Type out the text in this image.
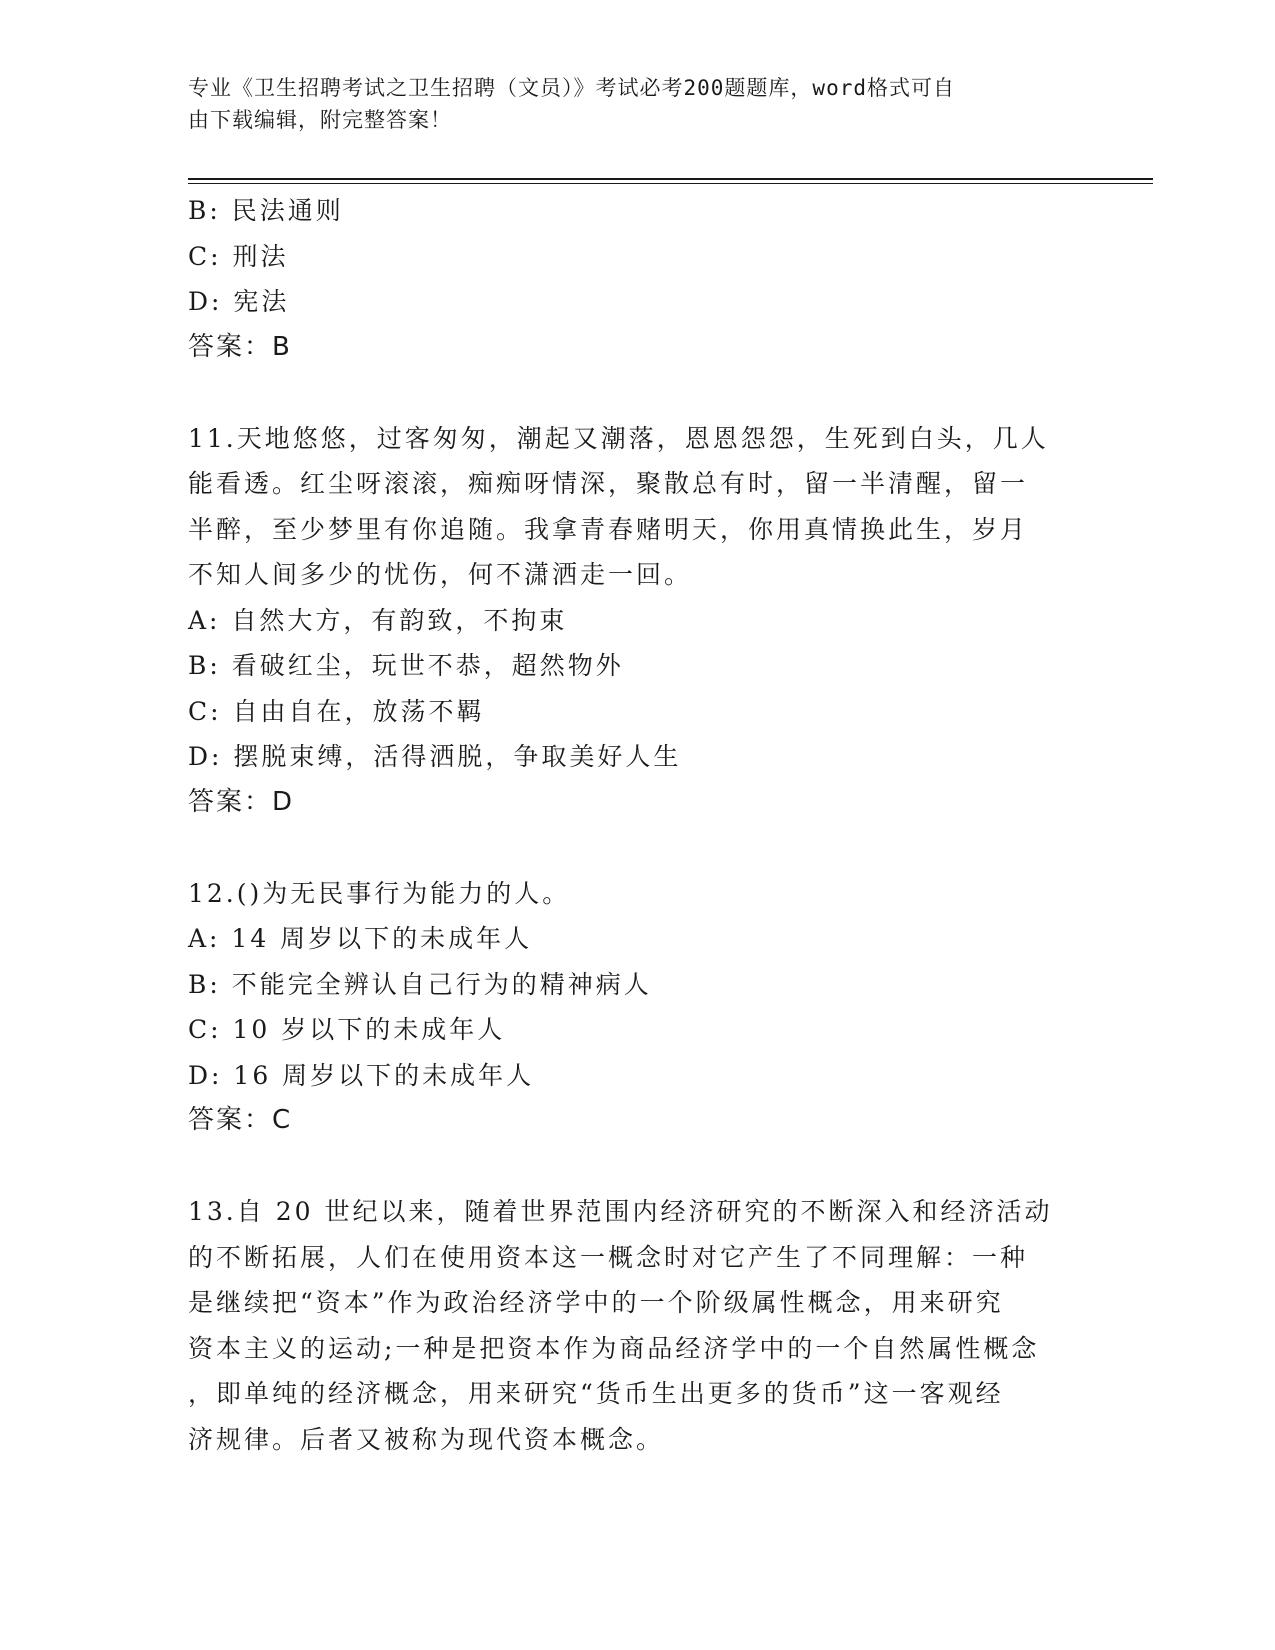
专业《卫生招聘考试之卫生招聘（文员）》考试必考200题题库，word格式可自
由下载编辑，附完整答案！
B: 民法通则
C: 刑法
D: 宪法
答案：B
11.天地悠悠，过客匆匆，潮起又潮落，恩恩怨怨，生死到白头，几人
能看透。红尘呀滚滚，痴痴呀情深，聚散总有时，留一半清醒，留一
半醉，至少梦里有你追随。我拿青春赌明天，你用真情换此生，岁月
不知人间多少的忧伤，何不潇洒走一回。
A: 自然大方，有韵致，不拘束
B: 看破红尘，玩世不恭，超然物外
C: 自由自在，放荡不羁
D: 摆脱束缚，活得洒脱，争取美好人生
答案：D
12.()为无民事行为能力的人。
A: 14 周岁以下的未成年人
B: 不能完全辨认自己行为的精神病人
C: 10 岁以下的未成年人
D: 16 周岁以下的未成年人
答案：C
13.自 20 世纪以来，随着世界范围内经济研究的不断深入和经济活动
的不断拓展，人们在使用资本这一概念时对它产生了不同理解：一种
是继续把“资本”作为政治经济学中的一个阶级属性概念，用来研究
资本主义的运动;一种是把资本作为商品经济学中的一个自然属性概念
，即单纯的经济概念，用来研究“货币生出更多的货币”这一客观经
济规律。后者又被称为现代资本概念。
